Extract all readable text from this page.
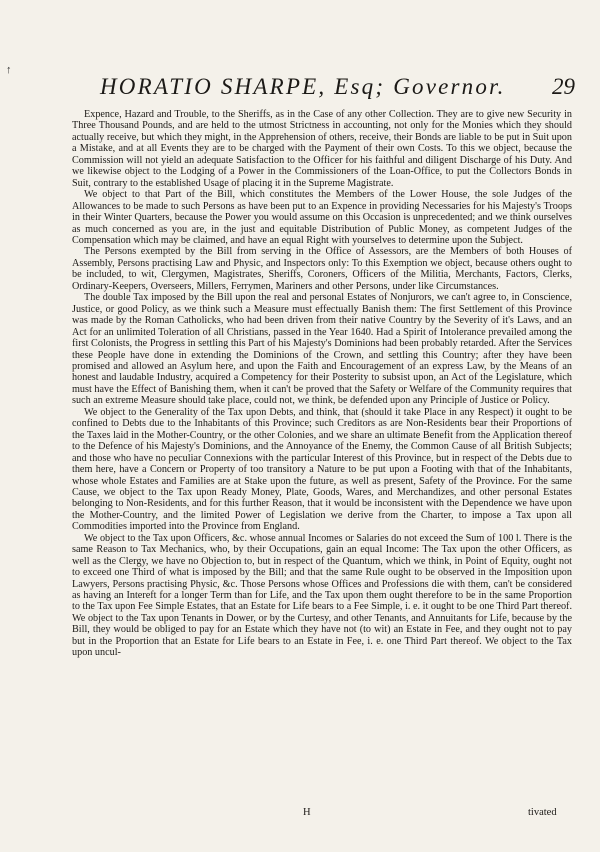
↑
HORATIO SHARPE, Esq; Governor. 29

Expence, Hazard and Trouble, to the Sheriffs, as in the Case of any other Collection. They are to give new Security in Three Thousand Pounds, and are held to the utmost Strictness in accounting, not only for the Monies which they should actually receive, but which they might, in the Apprehension of others, receive, their Bonds are liable to be put in Suit upon a Mistake, and at all Events they are to be charged with the Payment of their own Costs. To this we object, because the Commission will not yield an adequate Satisfaction to the Officer for his faithful and diligent Discharge of his Duty. And we likewise object to the Lodging of a Power in the Commissioners of the Loan-Office, to put the Collectors Bonds in Suit, contrary to the established Usage of placing it in the Supreme Magistrate.

We object to that Part of the Bill, which constitutes the Members of the Lower House, the sole Judges of the Allowances to be made to such Persons as have been put to an Expence in providing Necessaries for his Majesty's Troops in their Winter Quarters, because the Power you would assume on this Occasion is unprecedented; and we think ourselves as much concerned as you are, in the just and equitable Distribution of Public Money, as competent Judges of the Compensation which may be claimed, and have an equal Right with yourselves to determine upon the Subject.

The Persons exempted by the Bill from serving in the Office of Assessors, are the Members of both Houses of Assembly, Persons practising Law and Physic, and Inspectors only: To this Exemption we object, because others ought to be included, to wit, Clergymen, Magistrates, Sheriffs, Coroners, Officers of the Militia, Merchants, Factors, Clerks, Ordinary-Keepers, Overseers, Millers, Ferrymen, Mariners and other Persons, under like Circumstances.

The double Tax imposed by the Bill upon the real and personal Estates of Nonjurors, we can't agree to, in Conscience, Justice, or good Policy, as we think such a Measure must effectually Banish them: The first Settlement of this Province was made by the Roman Catholicks, who had been driven from their native Country by the Severity of it's Laws, and an Act for an unlimited Toleration of all Christians, passed in the Year 1640. Had a Spirit of Intolerance prevailed among the first Colonists, the Progress in settling this Part of his Majesty's Dominions had been probably retarded. After the Services these People have done in extending the Dominions of the Crown, and settling this Country; after they have been promised and allowed an Asylum here, and upon the Faith and Encouragement of an express Law, by the Means of an honest and laudable Industry, acquired a Competency for their Posterity to subsist upon, an Act of the Legislature, which must have the Effect of Banishing them, when it can't be proved that the Safety or Welfare of the Community requires that such an extreme Measure should take place, could not, we think, be defended upon any Principle of Justice or Policy.

We object to the Generality of the Tax upon Debts, and think, that (should it take Place in any Respect) it ought to be confined to Debts due to the Inhabitants of this Province; such Creditors as are Non-Residents bear their Proportions of the Taxes laid in the Mother-Country, or the other Colonies, and we share an ultimate Benefit from the Application thereof to the Defence of his Majesty's Dominions, and the Annoyance of the Enemy, the Common Cause of all British Subjects; and those who have no peculiar Connexions with the particular Interest of this Province, but in respect of the Debts due to them here, have a Concern or Property of too transitory a Nature to be put upon a Footing with that of the Inhabitants, whose whole Estates and Families are at Stake upon the future, as well as present, Safety of the Province. For the same Cause, we object to the Tax upon Ready Money, Plate, Goods, Wares, and Merchandizes, and other personal Estates belonging to Non-Residents, and for this further Reason, that it would be inconsistent with the Dependence we have upon the Mother-Country, and the limited Power of Legislation we derive from the Charter, to impose a Tax upon all Commodities imported into the Province from England.

We object to the Tax upon Officers, &c. whose annual Incomes or Salaries do not exceed the Sum of 100 l. There is the same Reason to Tax Mechanics, who, by their Occupations, gain an equal Income: The Tax upon the other Officers, as well as the Clergy, we have no Objection to, but in respect of the Quantum, which we think, in Point of Equity, ought not to exceed one Third of what is imposed by the Bill; and that the same Rule ought to be observed in the Imposition upon Lawyers, Persons practising Physic, &c. Those Persons whose Offices and Professions die with them, can't be considered as having an Intereft for a longer Term than for Life, and the Tax upon them ought therefore to be in the same Proportion to the Tax upon Fee Simple Estates, that an Estate for Life bears to a Fee Simple, i. e. it ought to be one Third Part thereof. We object to the Tax upon Tenants in Dower, or by the Curtesy, and other Tenants, and Annuitants for Life, because by the Bill, they would be obliged to pay for an Estate which they have not (to wit) an Estate in Fee, and they ought not to pay but in the Proportion that an Estate for Life bears to an Estate in Fee, i. e. one Third Part thereof. We object to the Tax upon uncul-

H	tivated
